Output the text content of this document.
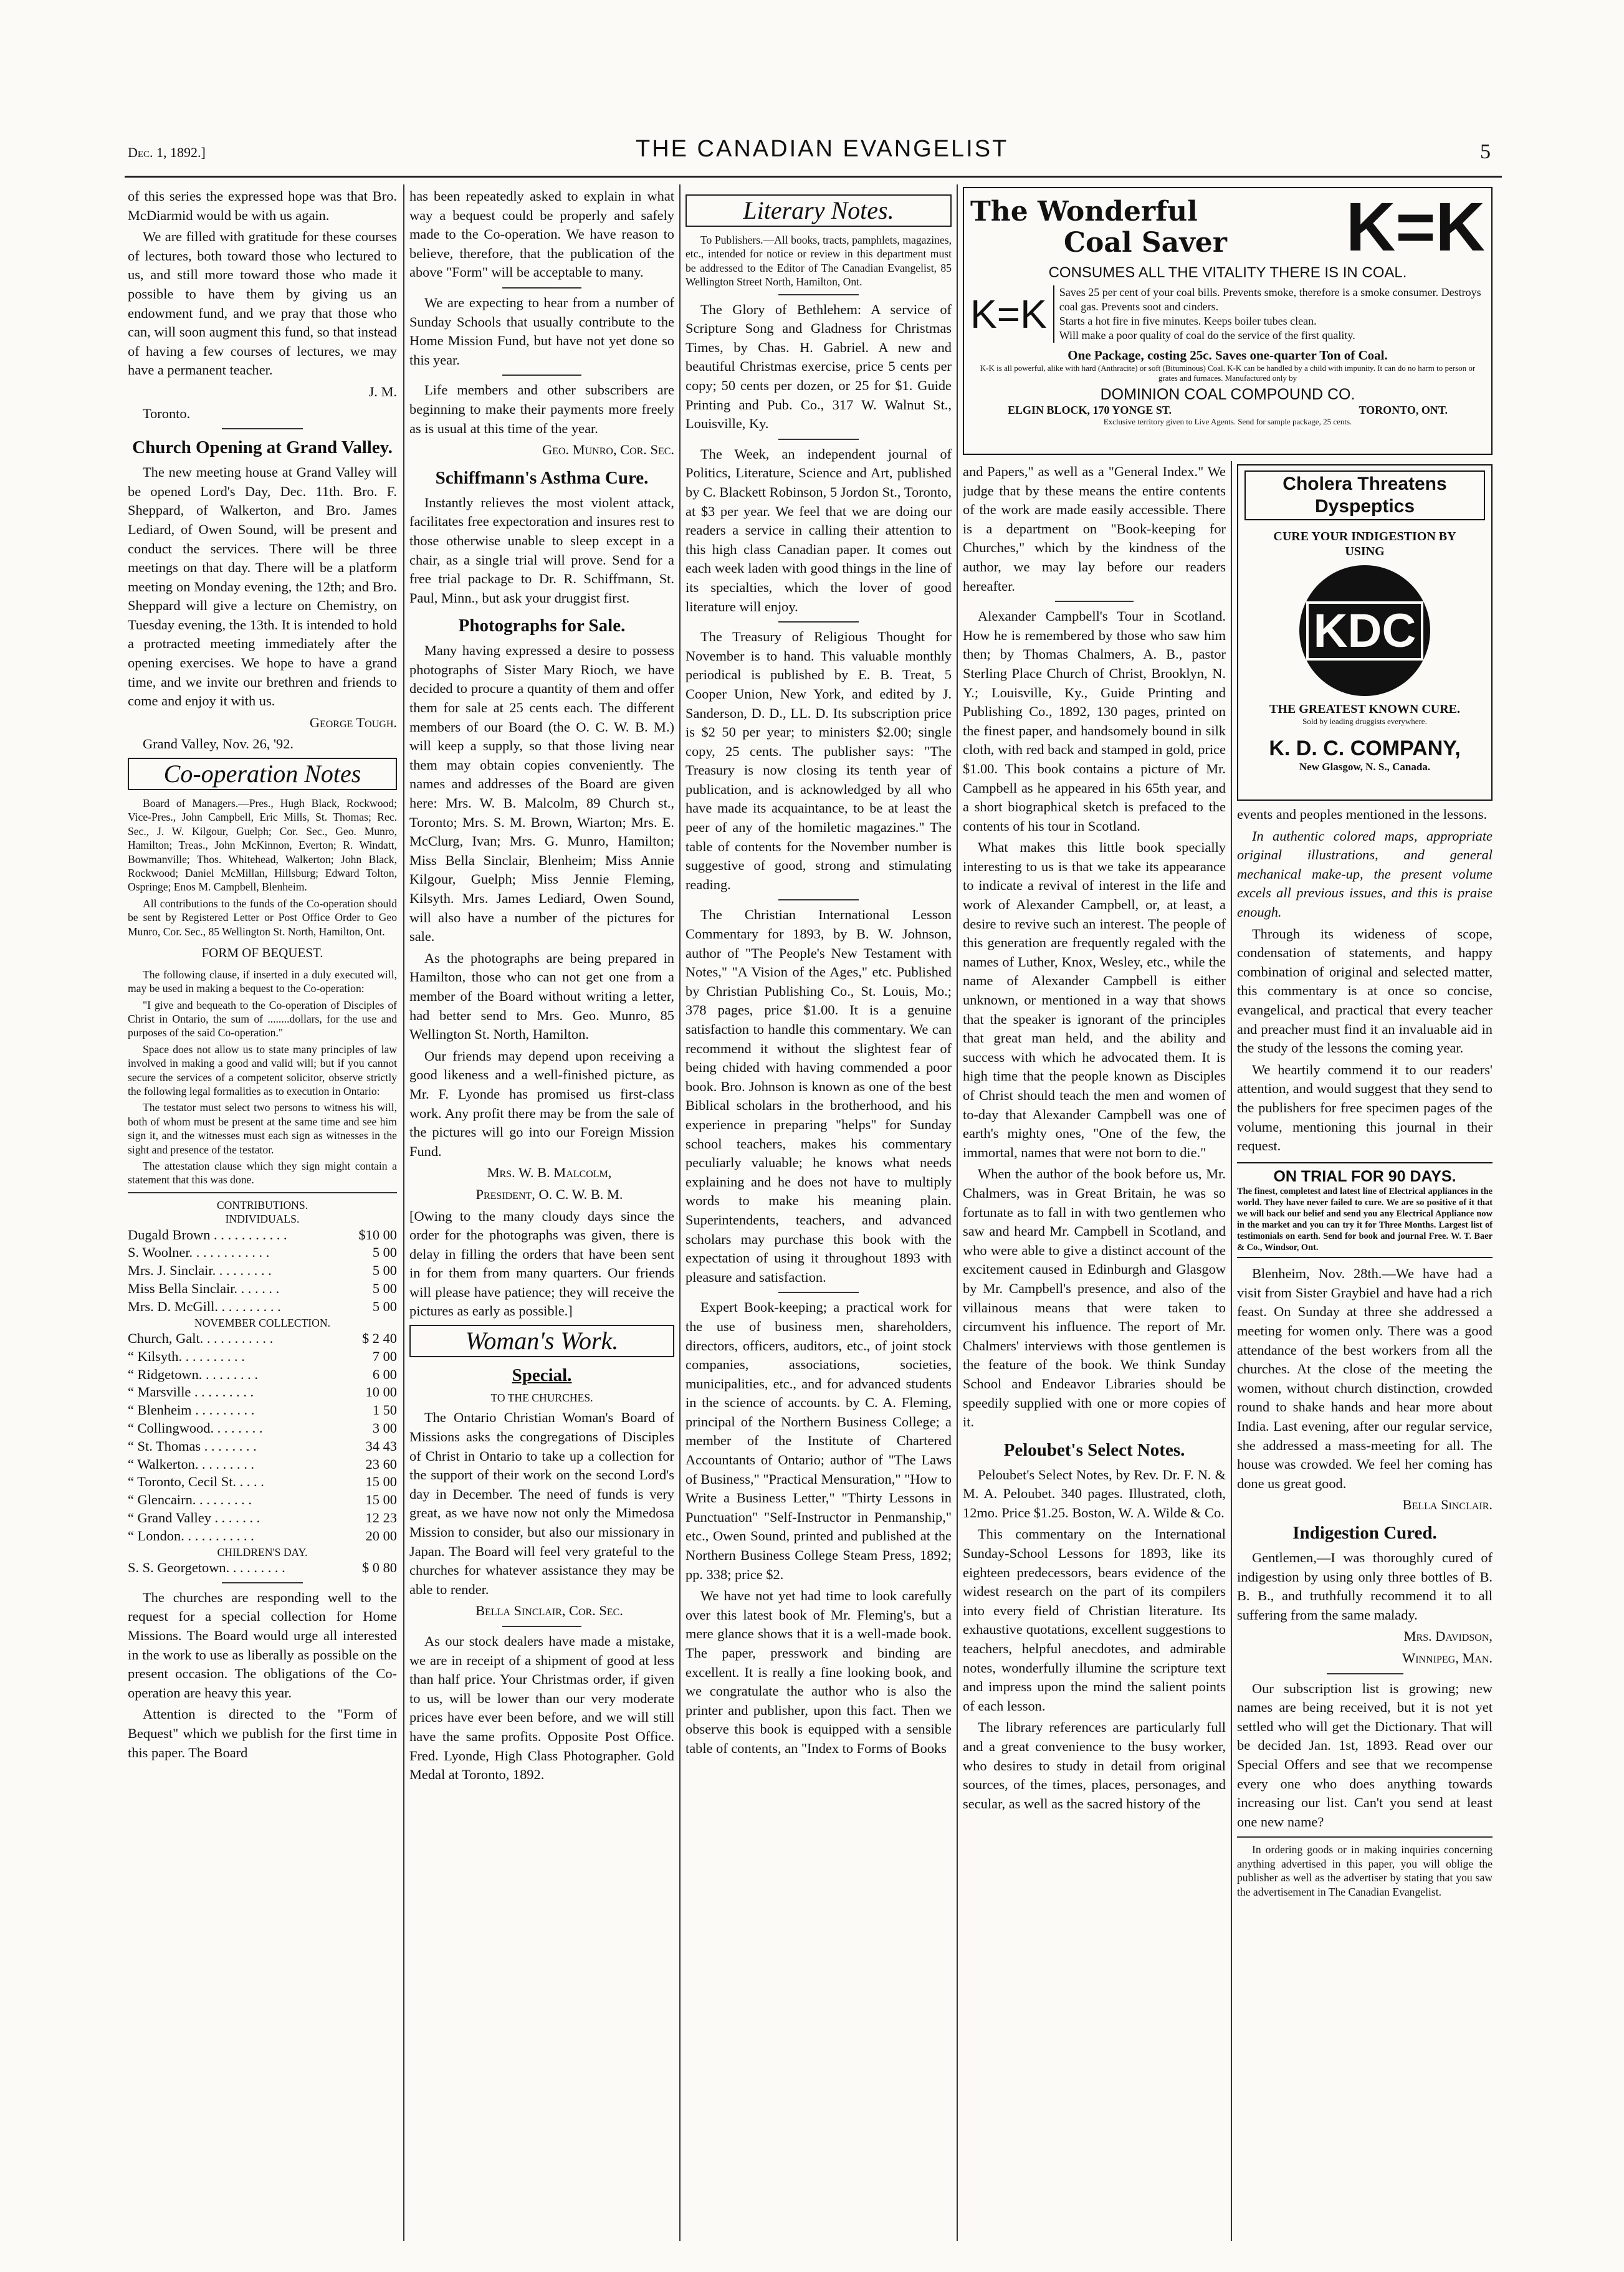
Dec. 1, 1892.]	THE CANADIAN EVANGELIST	5

of this series the expressed hope was that Bro. McDiarmid would be with us again.

We are filled with gratitude for these courses of lectures, both toward those who lectured to us, and still more toward those who made it possible to have them by giving us an endowment fund, and we pray that those who can, will soon augment this fund, so that instead of having a few courses of lectures, we may have a permanent teacher.

J. M.

Toronto.

Church Opening at Grand Valley.

The new meeting house at Grand Valley will be opened Lord's Day, Dec. 11th. Bro. F. Sheppard, of Walkerton, and Bro. James Lediard, of Owen Sound, will be present and conduct the services. There will be three meetings on that day. There will be a platform meeting on Monday evening, the 12th; and Bro. Sheppard will give a lecture on Chemistry, on Tuesday evening, the 13th. It is intended to hold a protracted meeting immediately after the opening exercises. We hope to have a grand time, and we invite our brethren and friends to come and enjoy it with us.

George Tough.

Grand Valley, Nov. 26, '92.

Co-operation Notes

Board of Managers.—Pres., Hugh Black, Rockwood; Vice-Pres., John Campbell, Eric Mills, St. Thomas; Rec. Sec., J. W. Kilgour, Guelph; Cor. Sec., Geo. Munro, Hamilton; Treas., John McKinnon, Everton; R. Windatt, Bowmanville; Thos. Whitehead, Walkerton; John Black, Rockwood; Daniel McMillan, Hillsburg; Edward Tolton, Ospringe; Enos M. Campbell, Blenheim.

All contributions to the funds of the Co-operation should be sent by Registered Letter or Post Office Order to Geo Munro, Cor. Sec., 85 Wellington St. North, Hamilton, Ont.

FORM OF BEQUEST.

The following clause, if inserted in a duly executed will, may be used in making a bequest to the Co-operation:

"I give and bequeath to the Co-operation of Disciples of Christ in Ontario, the sum of ........dollars, for the use and purposes of the said Co-operation."

Space does not allow us to state many principles of law involved in making a good and valid will; but if you cannot secure the services of a competent solicitor, observe strictly the following legal formalities as to execution in Ontario:

The testator must select two persons to witness his will, both of whom must be present at the same time and see him sign it, and the witnesses must each sign as witnesses in the sight and presence of the testator.

The attestation clause which they sign might contain a statement that this was done.

CONTRIBUTIONS.
INDIVIDUALS.
Dugald Brown . . . . . . . . . . .	$10 00
S. Woolner. . . . . . . . . . . .	5 00
Mrs. J. Sinclair. . . . . . . . .	5 00
Miss Bella Sinclair. . . . . . .	5 00
Mrs. D. McGill. . . . . . . . . .	5 00
NOVEMBER COLLECTION.
Church, Galt. . . . . . . . . . .	$ 2 40
“ Kilsyth. . . . . . . . . .	7 00
“ Ridgetown. . . . . . . . .	6 00
“ Marsville . . . . . . . . .	10 00
“ Blenheim . . . . . . . . .	1 50
“ Collingwood. . . . . . . .	3 00
“ St. Thomas . . . . . . . .	34 43
“ Walkerton. . . . . . . . .	23 60
“ Toronto, Cecil St. . . . .	15 00
“ Glencairn. . . . . . . . .	15 00
“ Grand Valley . . . . . . .	12 23
“ London. . . . . . . . . . .	20 00
CHILDREN'S DAY.
S. S. Georgetown. . . . . . . . .	$ 0 80

The churches are responding well to the request for a special collection for Home Missions. The Board would urge all interested in the work to use as liberally as possible on the present occasion. The obligations of the Co-operation are heavy this year.

Attention is directed to the "Form of Bequest" which we publish for the first time in this paper. The Board

has been repeatedly asked to explain in what way a bequest could be properly and safely made to the Co-operation. We have reason to believe, therefore, that the publication of the above "Form" will be acceptable to many.

We are expecting to hear from a number of Sunday Schools that usually contribute to the Home Mission Fund, but have not yet done so this year.

Life members and other subscribers are beginning to make their payments more freely as is usual at this time of the year.

Geo. Munro, Cor. Sec.

Schiffmann's Asthma Cure.

Instantly relieves the most violent attack, facilitates free expectoration and insures rest to those otherwise unable to sleep except in a chair, as a single trial will prove. Send for a free trial package to Dr. R. Schiffmann, St. Paul, Minn., but ask your druggist first.

Photographs for Sale.

Many having expressed a desire to possess photographs of Sister Mary Rioch, we have decided to procure a quantity of them and offer them for sale at 25 cents each. The different members of our Board (the O. C. W. B. M.) will keep a supply, so that those living near them may obtain copies conveniently. The names and addresses of the Board are given here: Mrs. W. B. Malcolm, 89 Church st., Toronto; Mrs. S. M. Brown, Wiarton; Mrs. E. McClurg, Ivan; Mrs. G. Munro, Hamilton; Miss Bella Sinclair, Blenheim; Miss Annie Kilgour, Guelph; Miss Jennie Fleming, Kilsyth. Mrs. James Lediard, Owen Sound, will also have a number of the pictures for sale.

As the photographs are being prepared in Hamilton, those who can not get one from a member of the Board without writing a letter, had better send to Mrs. Geo. Munro, 85 Wellington St. North, Hamilton.

Our friends may depend upon receiving a good likeness and a well-finished picture, as Mr. F. Lyonde has promised us first-class work. Any profit there may be from the sale of the pictures will go into our Foreign Mission Fund.

Mrs. W. B. Malcolm,

President, O. C. W. B. M.

[Owing to the many cloudy days since the order for the photographs was given, there is delay in filling the orders that have been sent in for them from many quarters. Our friends will please have patience; they will receive the pictures as early as possible.]

Woman's Work.
Special.
TO THE CHURCHES.

The Ontario Christian Woman's Board of Missions asks the congregations of Disciples of Christ in Ontario to take up a collection for the support of their work on the second Lord's day in December. The need of funds is very great, as we have now not only the Mimedosa Mission to consider, but also our missionary in Japan. The Board will feel very grateful to the churches for whatever assistance they may be able to render.

Bella Sinclair, Cor. Sec.

As our stock dealers have made a mistake, we are in receipt of a shipment of good at less than half price. Your Christmas order, if given to us, will be lower than our very moderate prices have ever been before, and we will still have the same profits. Opposite Post Office. Fred. Lyonde, High Class Photographer. Gold Medal at Toronto, 1892.

Literary Notes.

To Publishers.—All books, tracts, pamphlets, magazines, etc., intended for notice or review in this department must be addressed to the Editor of The Canadian Evangelist, 85 Wellington Street North, Hamilton, Ont.

The Glory of Bethlehem: A service of Scripture Song and Gladness for Christmas Times, by Chas. H. Gabriel. A new and beautiful Christmas exercise, price 5 cents per copy; 50 cents per dozen, or 25 for $1. Guide Printing and Pub. Co., 317 W. Walnut St., Louisville, Ky.

The Week, an independent journal of Politics, Literature, Science and Art, published by C. Blackett Robinson, 5 Jordon St., Toronto, at $3 per year. We feel that we are doing our readers a service in calling their attention to this high class Canadian paper. It comes out each week laden with good things in the line of its specialties, which the lover of good literature will enjoy.

The Treasury of Religious Thought for November is to hand. This valuable monthly periodical is published by E. B. Treat, 5 Cooper Union, New York, and edited by J. Sanderson, D. D., LL. D. Its subscription price is $2 50 per year; to ministers $2.00; single copy, 25 cents. The publisher says: "The Treasury is now closing its tenth year of publication, and is acknowledged by all who have made its acquaintance, to be at least the peer of any of the homiletic magazines." The table of contents for the November number is suggestive of good, strong and stimulating reading.

The Christian International Lesson Commentary for 1893, by B. W. Johnson, author of "The People's New Testament with Notes," "A Vision of the Ages," etc. Published by Christian Publishing Co., St. Louis, Mo.; 378 pages, price $1.00. It is a genuine satisfaction to handle this commentary. We can recommend it without the slightest fear of being chided with having commended a poor book. Bro. Johnson is known as one of the best Biblical scholars in the brotherhood, and his experience in preparing "helps" for Sunday school teachers, makes his commentary peculiarly valuable; he knows what needs explaining and he does not have to multiply words to make his meaning plain. Superintendents, teachers, and advanced scholars may purchase this book with the expectation of using it throughout 1893 with pleasure and satisfaction.

Expert Book-keeping; a practical work for the use of business men, shareholders, directors, officers, auditors, etc., of joint stock companies, associations, societies, municipalities, etc., and for advanced students in the science of accounts. by C. A. Fleming, principal of the Northern Business College; a member of the Institute of Chartered Accountants of Ontario; author of "The Laws of Business," "Practical Mensuration," "How to Write a Business Letter," "Thirty Lessons in Punctuation" "Self-Instructor in Penmanship," etc., Owen Sound, printed and published at the Northern Business College Steam Press, 1892; pp. 338; price $2.

We have not yet had time to look carefully over this latest book of Mr. Fleming's, but a mere glance shows that it is a well-made book. The paper, presswork and binding are excellent. It is really a fine looking book, and we congratulate the author who is also the printer and publisher, upon this fact. Then we observe this book is equipped with a sensible table of contents, an "Index to Forms of Books

The Wonderful
Coal Saver K=K
CONSUMES ALL THE VITALITY THERE IS IN COAL.
K=K	Saves 25 per cent of your coal bills. Prevents smoke, therefore is a smoke consumer. Destroys coal gas. Prevents soot and cinders.
Starts a hot fire in five minutes. Keeps boiler tubes clean.
Will make a poor quality of coal do the service of the first quality.
One Package, costing 25c. Saves one-quarter Ton of Coal.
K-K is all powerful, alike with hard (Anthracite) or soft (Bituminous) Coal. K-K can be handled by a child with impunity. It can do no harm to person or grates and furnaces. Manufactured only by
DOMINION COAL COMPOUND CO.
ELGIN BLOCK, 170 YONGE ST.	TORONTO, ONT.
Exclusive territory given to Live Agents. Send for sample package, 25 cents.

and Papers," as well as a "General Index." We judge that by these means the entire contents of the work are made easily accessible. There is a department on "Book-keeping for Churches," which by the kindness of the author, we may lay before our readers hereafter.

Alexander Campbell's Tour in Scotland. How he is remembered by those who saw him then; by Thomas Chalmers, A. B., pastor Sterling Place Church of Christ, Brooklyn, N. Y.; Louisville, Ky., Guide Printing and Publishing Co., 1892, 130 pages, printed on the finest paper, and handsomely bound in silk cloth, with red back and stamped in gold, price $1.00. This book contains a picture of Mr. Campbell as he appeared in his 65th year, and a short biographical sketch is prefaced to the contents of his tour in Scotland.

What makes this little book specially interesting to us is that we take its appearance to indicate a revival of interest in the life and work of Alexander Campbell, or, at least, a desire to revive such an interest. The people of this generation are frequently regaled with the names of Luther, Knox, Wesley, etc., while the name of Alexander Campbell is either unknown, or mentioned in a way that shows that the speaker is ignorant of the principles that great man held, and the ability and success with which he advocated them. It is high time that the people known as Disciples of Christ should teach the men and women of to-day that Alexander Campbell was one of earth's mighty ones, "One of the few, the immortal, names that were not born to die."

When the author of the book before us, Mr. Chalmers, was in Great Britain, he was so fortunate as to fall in with two gentlemen who saw and heard Mr. Campbell in Scotland, and who were able to give a distinct account of the excitement caused in Edinburgh and Glasgow by Mr. Campbell's presence, and also of the villainous means that were taken to circumvent his influence. The report of Mr. Chalmers' interviews with those gentlemen is the feature of the book. We think Sunday School and Endeavor Libraries should be speedily supplied with one or more copies of it.

Peloubet's Select Notes.

Peloubet's Select Notes, by Rev. Dr. F. N. & M. A. Peloubet. 340 pages. Illustrated, cloth, 12mo. Price $1.25. Boston, W. A. Wilde & Co.

This commentary on the International Sunday-School Lessons for 1893, like its eighteen predecessors, bears evidence of the widest research on the part of its compilers into every field of Christian literature. Its exhaustive quotations, excellent suggestions to teachers, helpful anecdotes, and admirable notes, wonderfully illumine the scripture text and impress upon the mind the salient points of each lesson.

The library references are particularly full and a great convenience to the busy worker, who desires to study in detail from original sources, of the times, places, personages, and secular, as well as the sacred history of the

Cholera Threatens Dyspeptics
CURE YOUR INDIGESTION BY USING
KDC
THE GREATEST KNOWN CURE.
Sold by leading druggists everywhere.
K. D. C. COMPANY,
New Glasgow, N. S., Canada.

events and peoples mentioned in the lessons.

In authentic colored maps, appropriate original illustrations, and general mechanical make-up, the present volume excels all previous issues, and this is praise enough.

Through its wideness of scope, condensation of statements, and happy combination of original and selected matter, this commentary is at once so concise, evangelical, and practical that every teacher and preacher must find it an invaluable aid in the study of the lessons the coming year.

We heartily commend it to our readers' attention, and would suggest that they send to the publishers for free specimen pages of the volume, mentioning this journal in their request.

ON TRIAL FOR 90 DAYS.
The finest, completest and latest line of Electrical appliances in the world. They have never failed to cure. We are so positive of it that we will back our belief and send you any Electrical Appliance now in the market and you can try it for Three Months. Largest list of testimonials on earth. Send for book and journal Free. W. T. Baer & Co., Windsor, Ont.

Blenheim, Nov. 28th.—We have had a visit from Sister Graybiel and have had a rich feast. On Sunday at three she addressed a meeting for women only. There was a good attendance of the best workers from all the churches. At the close of the meeting the women, without church distinction, crowded round to shake hands and hear more about India. Last evening, after our regular service, she addressed a mass-meeting for all. The house was crowded. We feel her coming has done us great good.

Bella Sinclair.

Indigestion Cured.

Gentlemen,—I was thoroughly cured of indigestion by using only three bottles of B. B. B., and truthfully recommend it to all suffering from the same malady.

Mrs. Davidson,

Winnipeg, Man.

Our subscription list is growing; new names are being received, but it is not yet settled who will get the Dictionary. That will be decided Jan. 1st, 1893. Read over our Special Offers and see that we recompense every one who does anything towards increasing our list. Can't you send at least one new name?

In ordering goods or in making inquiries concerning anything advertised in this paper, you will oblige the publisher as well as the advertiser by stating that you saw the advertisement in The Canadian Evangelist.
